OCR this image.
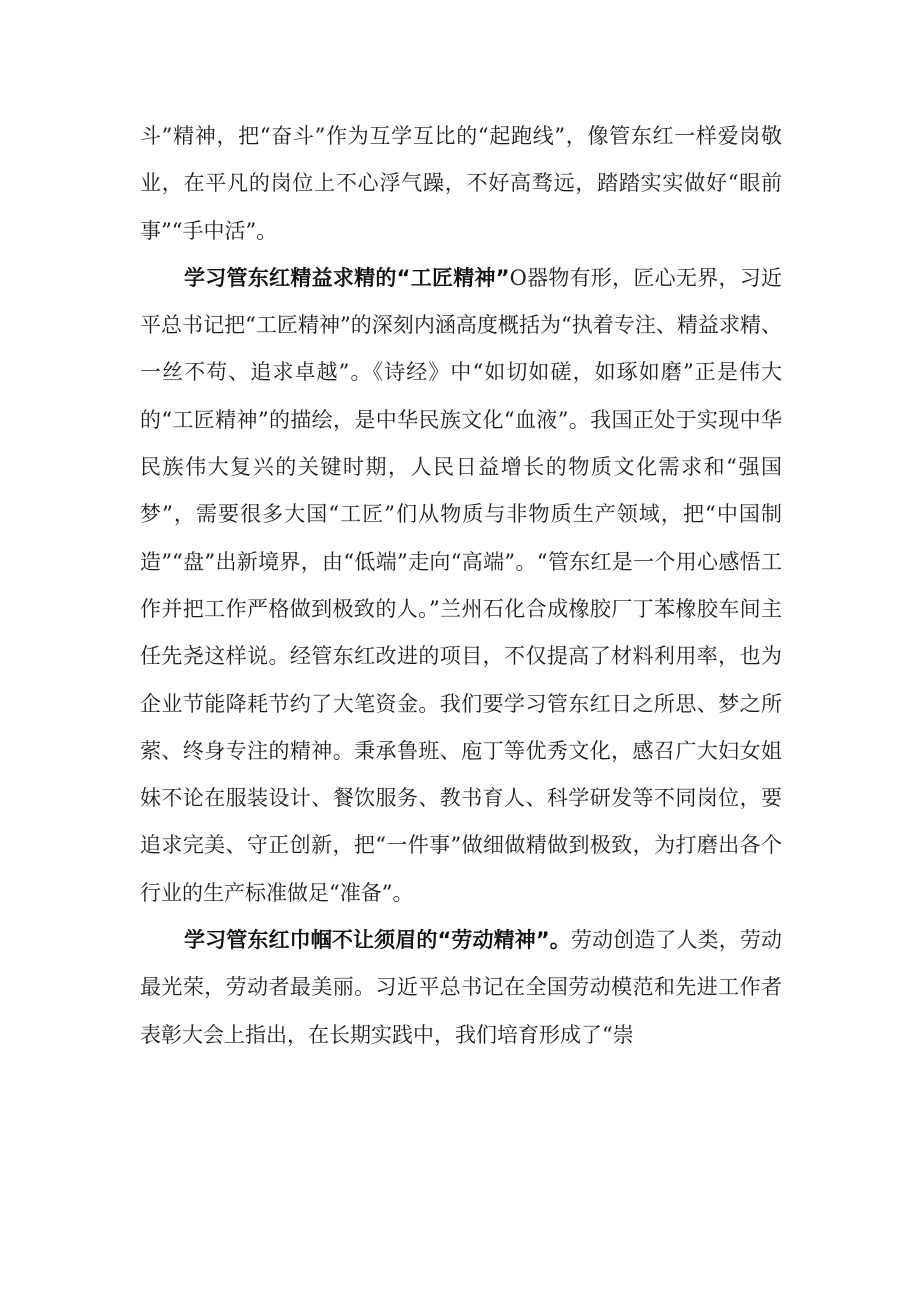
斗”精神，把“奋斗”作为互学互比的“起跑线”，像管东红一样爱岗敬业，在平凡的岗位上不心浮气躁，不好高骛远，踏踏实实做好“眼前事”“手中活”。

学习管东红精益求精的“工匠精神”O器物有形，匠心无界，习近平总书记把“工匠精神”的深刻内涵高度概括为“执着专注、精益求精、一丝不苟、追求卓越”。《诗经》中“如切如磋，如琢如磨”正是伟大的“工匠精神”的描绘，是中华民族文化“血液”。我国正处于实现中华民族伟大复兴的关键时期，人民日益增长的物质文化需求和“强国梦”，需要很多大国“工匠”们从物质与非物质生产领域，把“中国制造”“盘”出新境界，由“低端”走向“高端”。“管东红是一个用心感悟工作并把工作严格做到极致的人。”兰州石化合成橡胶厂丁苯橡胶车间主任先尧这样说。经管东红改进的项目，不仅提高了材料利用率，也为企业节能降耗节约了大笔资金。我们要学习管东红日之所思、梦之所萦、终身专注的精神。秉承鲁班、庖丁等优秀文化，感召广大妇女姐妹不论在服装设计、餐饮服务、教书育人、科学研发等不同岗位，要追求完美、守正创新，把“一件事”做细做精做到极致，为打磨出各个行业的生产标准做足“准备”。

学习管东红巾帼不让须眉的“劳动精神”。劳动创造了人类，劳动最光荣，劳动者最美丽。习近平总书记在全国劳动模范和先进工作者表彰大会上指出，在长期实践中，我们培育形成了“崇
